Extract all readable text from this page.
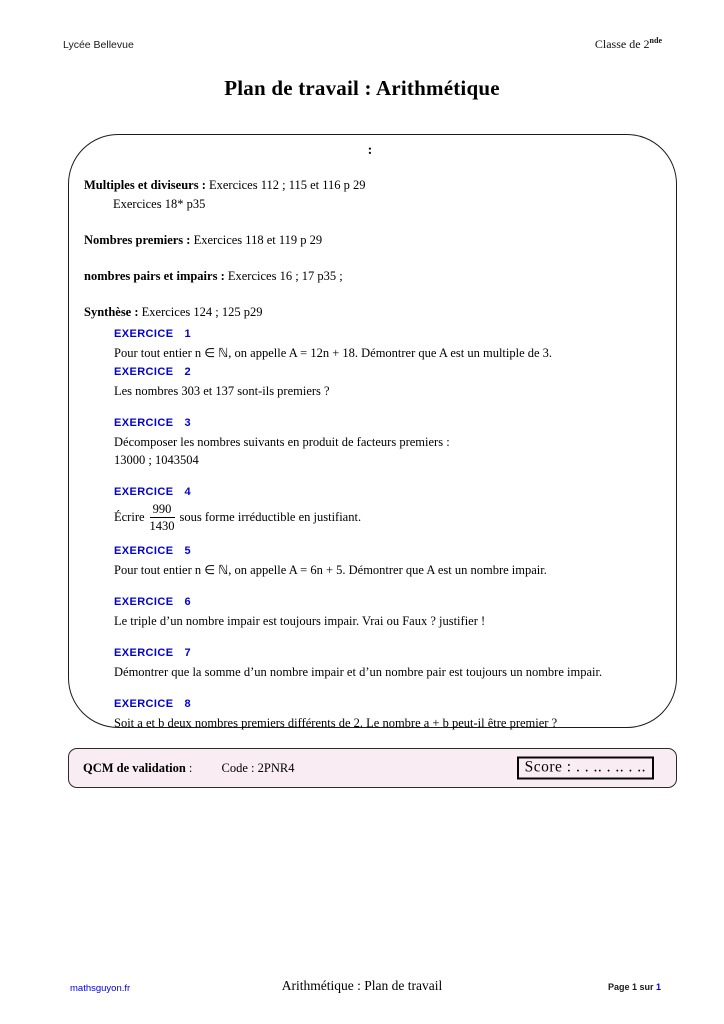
Lycée Bellevue	Classe de 2nde
Plan de travail : Arithmétique
:
Multiples et diviseurs : Exercices 112 ; 115 et 116 p 29
Exercices 18* p35
Nombres premiers : Exercices 118 et 119 p 29
nombres pairs et impairs : Exercices 16 ; 17 p35 ;
Synthèse : Exercices 124 ; 125 p29
EXERCICE 1
Pour tout entier n ∈ ℕ, on appelle A = 12n + 18. Démontrer que A est un multiple de 3.
EXERCICE 2
Les nombres 303 et 137 sont-ils premiers ?
EXERCICE 3
Décomposer les nombres suivants en produit de facteurs premiers :
13000 ; 1043504
EXERCICE 4
Écrire $\frac{990}{1430}$ sous forme irréductible en justifiant.
EXERCICE 5
Pour tout entier n ∈ ℕ, on appelle A = 6n + 5. Démontrer que A est un nombre impair.
EXERCICE 6
Le triple d’un nombre impair est toujours impair. Vrai ou Faux ? justifier !
EXERCICE 7
Démontrer que la somme d’un nombre impair et d’un nombre pair est toujours un nombre impair.
EXERCICE 8
Soit a et b deux nombres premiers différents de 2. Le nombre a + b peut-il être premier ?
QCM de validation : Code : 2PNR4	Score : . . .. . .. . ..
mathsguyon.fr	Arithmétique : Plan de travail	Page 1 sur 1
